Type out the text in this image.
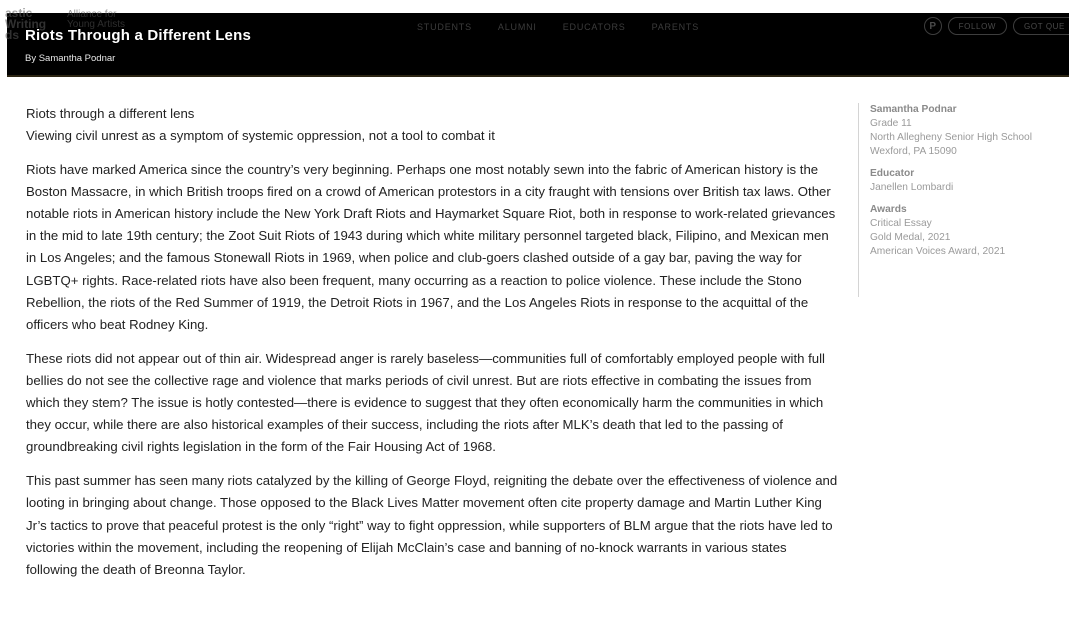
astic
Writing
ds
Alliance for
Young Artists	STUDENTS	ALUMNI	EDUCATORS	PARENTS	P	FOLLOW	GOT QUE
Riots Through a Different Lens
By Samantha Podnar
Riots through a different lens
Viewing civil unrest as a symptom of systemic oppression, not a tool to combat it

Riots have marked America since the country’s very beginning. Perhaps one most notably sewn into the fabric of American history is the Boston Massacre, in which British troops fired on a crowd of American protestors in a city fraught with tensions over British tax laws. Other notable riots in American history include the New York Draft Riots and Haymarket Square Riot, both in response to work-related grievances in the mid to late 19th century; the Zoot Suit Riots of 1943 during which white military personnel targeted black, Filipino, and Mexican men in Los Angeles; and the famous Stonewall Riots in 1969, when police and club-goers clashed outside of a gay bar, paving the way for LGBTQ+ rights. Race-related riots have also been frequent, many occurring as a reaction to police violence. These include the Stono Rebellion, the riots of the Red Summer of 1919, the Detroit Riots in 1967, and the Los Angeles Riots in response to the acquittal of the officers who beat Rodney King.

These riots did not appear out of thin air. Widespread anger is rarely baseless—communities full of comfortably employed people with full bellies do not see the collective rage and violence that marks periods of civil unrest. But are riots effective in combating the issues from which they stem? The issue is hotly contested—there is evidence to suggest that they often economically harm the communities in which they occur, while there are also historical examples of their success, including the riots after MLK’s death that led to the passing of groundbreaking civil rights legislation in the form of the Fair Housing Act of 1968.

This past summer has seen many riots catalyzed by the killing of George Floyd, reigniting the debate over the effectiveness of violence and looting in bringing about change. Those opposed to the Black Lives Matter movement often cite property damage and Martin Luther King Jr’s tactics to prove that peaceful protest is the only “right” way to fight oppression, while supporters of BLM argue that the riots have led to victories within the movement, including the reopening of Elijah McClain’s case and banning of no-knock warrants in various states following the death of Breonna Taylor.

Samantha Podnar
Grade 11
North Allegheny Senior High School
Wexford, PA 15090
Educator
Janellen Lombardi
Awards
Critical Essay
Gold Medal, 2021
American Voices Award, 2021
